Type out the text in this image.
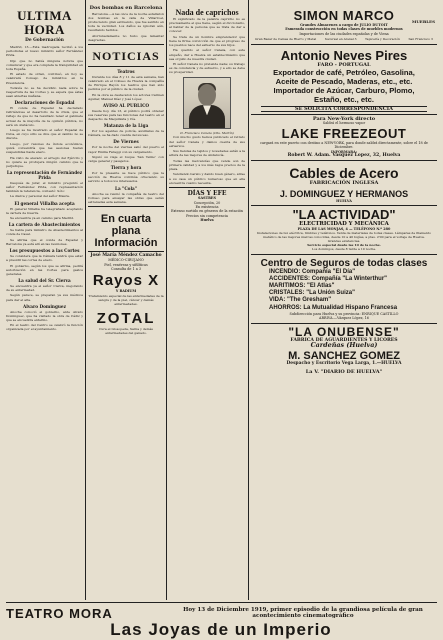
ULTIMA HORA
De Gobernación

Madrid, 13.—Esta madrugada recibió a los periodistas el nuevo ministro señor Fernández Prida.

Dijo que no había ninguna noticia que comunicar y que era completa la tranquilidad en toda España.

El estado de orden, continuó, en hoy se celebrará Consejo de ministros en la Presidencia.

Todavía no se ha decidido nada sobre la reapertura de las Cortes y, se espera que éstas sean abiertas mañana.

Declaraciones de Espadal

El conde de Espadal ha declarado refiriéndose al desarrollo de la crisis, que el reflejo de que no ha resultado tener el gabinete actual de la mayoría de la opinión pública, no será un obstáculo.

Luego se ha mostrado el señor Espadal de Cuba, en cuyo sitio se dice que el cambio no se discute.

Luego, por razones de índole económica, quizá convendría que las sesiones fueran suspendidas hasta enero.

Ha visto de elevado el arreglo del Ejército y no quiere se produjera ningún cambio que le perjudique.

La representación de Fernández Prida

Después de jurar, el ministro preguntó el señor Fernández Prida, con representación también la referencia, contestó: Sólo:

La diarca y personal del señor Maura.

El general Villalba acepta

El general Villalba ha telegrafiado aceptando la cartera de Guerra.

Se encuentra ya en camino para Madrid.

La cartera de Abastecimientos

Se habla para ministro de Abastecimientos al conde de Casal.

Se afirma que el conde de Espadal y Barcelona ya está allí en las reuniones.

Los presupuestos a las Cortes

Se considera que la Cámara tendrá que estar a presidir las cortes de enero.

El gobierno, según los que se afirma, pedirá autorización en las Cortes para gastos generales.

La salud del Sr. Cierva

Se encuentra ya el señor Cierva, mejorando de su enfermedad.

Según parece, se preparan ya sus médicos para dar el alta.

Alvaro Dominguez

Anoche conoció el gobierno, ante Alvaro Dominguez, que ha visitado la obra de Cádiz y que se encuentra enfermo.

En el teatro del Centro se celebró la función organizada por el ayuntamiento.

Dos bombas en Barcelona

Barcelona.—A las once de la noche estallaron dos bombas en la calle de Villarroel, produciendo gran estruendo, que fue sentido en toda la vecindad. Los daños se ignoran aún, resultando heridos.

Afortunadamente no hubo que lamentar desgracias.

NOTICIAS
Teatros

Durante los días 8 y 11 de esta semana, han celebrado en el Coliseo de Huelva la compañía de Enrique Bayón los teatros que han sido pedidos por el público de la ciudad.

En la obra se destacaron los actores Carmen Aguilar, Manuel Díaz y José López.

AVISO AL PUBLICO

Desde hoy, día 13, el público podrá obtener sus reservas para las funciones del teatro en el despacho de Maquinista y Cía.

Matanza de la Liga

Por los agentes de policía, auxiliares de la Cámara, se ha dado cuenta del suceso.

De Viernes

Por la noche del viernes salió del puerto el vapor Emilia Faraggi con su cargamento.

Siguió su viaje el buque 'San Telmo' con carga general y pasajeros.

Tierra y hora

Por la presente se hace público que la sección de Huelva continúa ofreciendo su servicio a todos los interesados.

La "Cola"

Anoche se reunió la compañía de teatro del Coliseo para ensayar las obras que serán estrenadas esta semana.

En cuarta plana
Información
José María Méndez Camacho
MÉDICO-CIRUJANO
Piel, venéreas y sifilíticas
Consulta de 1 a 3
Rayos X
Y RADIUM
Tratamiento especial de las enfermedades de la sangre y de la piel, cáncer y demás enfermedades.
ZOTAL
Cura el Glosopeda, Sarna y demás enfermedades del ganado.
Nada de caprichos

El significado de la palabra capricho no es precisamente el que tiene, según el diccionario, al hablar de la persona que se trata de dar a conocer.

Se trata de un hombre emprendedor que tiene la firme convicción de que el progreso de los pueblos nace del esfuerzo de sus hijos.

Ha querido el señor Canela, con este empeño, dar a Huelva un establecimiento que sea orgullo de nuestra ciudad.

El señor Canela no pretende nada; su trabajo es de constancia y de esfuerzo, y a ello se debe su prosperidad.

D. Francisco Canela (Clis. Martín)

Con mucho gusto hemos publicado el retrato del señor Canela y damos cuenta de sus esfuerzos.

Sus tiendas de tejidos y novedades están a la altura de las mejores de Andalucía.

Todas las mercancías que vende son de primera calidad y a los más bajos precios de la plaza.

Vendiendo barato y dando buen género, atrae a su casa un público numeroso que en ella encuentra cuanto necesita.

DÍAS Y EFE
SASTRES
Concepción, 20
En existencia
Extenso surtido en géneros de la estación
Precios sin competencia
Huelva
SIMON MARCO	MUEBLES
Grandes Almacenes a cargo de JULIO DUTOIT
Esmerada construcción en todas clases de muebles modernos
Importaciones de las ciudades españolas y de Viena
Gran Bazar de Camas de Hierro y Metal	Sucursal en Arenal 3	Tapicería y Decoración	San Francisco 3
Antonio Neves Pires
FARO - PORTUGAL
Exportador de café, Petróleo, Gasolina,
Aceite de Pescado, Maderas, etc., etc.
Importador de Azúcar, Carburo, Plomo,
Estaño, etc., etc.
SE SOLICITA CORRESPONDENCIA
Para New-York directo
Saldrá el hermoso vapor
LAKE FREEZEOUT
cargará en este puerto con destino a NEW-YORK, para donde saldrá directamente, sobre el 18 de Diciembre.
INFORMARA:
Robert W. Adam. Vasquez Lopez, 32, Huelva
Cables de Acero
FABRICACIÓN INGLESA
J. DOMINGUEZ Y HERMANOS
HUELVA
"LA ACTIVIDAD"
ELECTRICIDAD Y MECÁNICA
PLAZA DE LAS MONJAS, 4 — TELÉFONO N.º 280
Instalaciones de luz eléctrica, timbres y teléfonos. Venta de materiales de todas clases. Lámparas de filamento metálico de las mejores marcas conocidas, desde 10 a 40 bujías, a ptas. 2'00 para el voltaje de Huelva. Grandes existencias.
Servicio especial desde las 10 de la noche.
Los domingos, desde 8 tarde a 10 noche.
Centro de Seguros de todas clases
INCENDIO: Compañía "El Día"
ACCIDENTES: Compañía "La Winterthur"
MARITIMOS: "El Atlas"
CRISTALES: "La Unión Suiza"
VIDA: "The Gresham"
AHORROS: La Mutualidad Hispano Francesa
Subdirección para Huelva y su provincia: ENRIQUE CASTILLO
ARRIVA.—Vázquez López, 16
"LA ONUBENSE"
FABRICA DE AGUARDIENTES Y LICORES
Cardeñas (Huelva)
M. SANCHEZ GOMEZ
Despacho y Escritorio Vega Larga, 1.—HUELVA
La V. "DIARIO DE HUELVA"
TEATRO MORA	Hoy 13 de Diciembre 1919, primer episodio de la grandiosa película de gran acontecimiento cinematográfico
Las Joyas de un Imperio
